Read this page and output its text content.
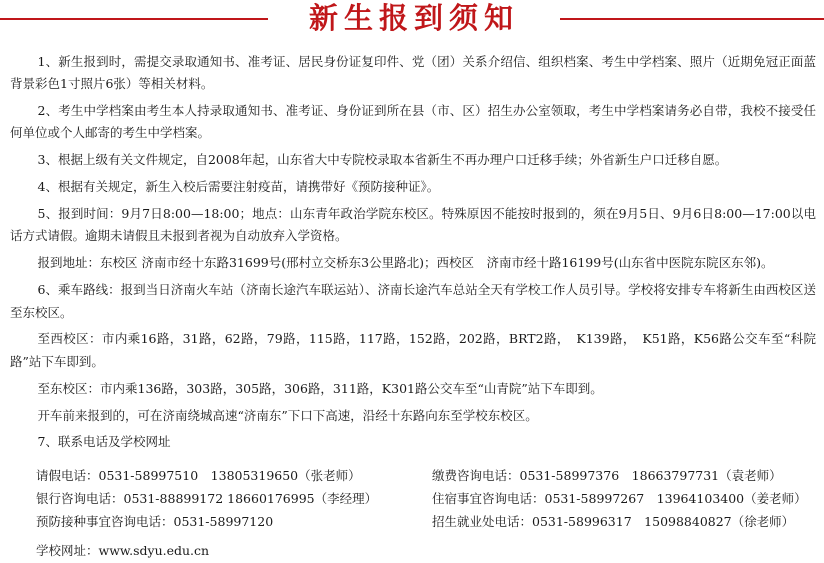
新生报到须知

1、新生报到时，需提交录取通知书、准考证、居民身份证复印件、党（团）关系介绍信、组织档案、考生中学档案、照片（近期免冠正面蓝背景彩色1寸照片6张）等相关材料。

2、考生中学档案由考生本人持录取通知书、准考证、身份证到所在县（市、区）招生办公室领取，考生中学档案请务必自带，我校不接受任何单位或个人邮寄的考生中学档案。

3、根据上级有关文件规定，自2008年起，山东省大中专院校录取本省新生不再办理户口迁移手续；外省新生户口迁移自愿。

4、根据有关规定，新生入校后需要注射疫苗，请携带好《预防接种证》。

5、报到时间：9月7日8:00—18:00；地点：山东青年政治学院东校区。特殊原因不能按时报到的，须在9月5日、9月6日8:00—17:00以电话方式请假。逾期未请假且未报到者视为自动放弃入学资格。

报到地址：东校区 济南市经十东路31699号(邢村立交桥东3公里路北)；西校区　济南市经十路16199号(山东省中医院东院区东邻)。

6、乘车路线：报到当日济南火车站（济南长途汽车联运站）、济南长途汽车总站全天有学校工作人员引导。学校将安排专车将新生由西校区送至东校区。

至西校区：市内乘16路，31路，62路，79路，115路，117路，152路，202路，BRT2路，　K139路，　K51路，K56路公交车至“科院路”站下车即到。

至东校区：市内乘136路，303路，305路，306路，311路，K301路公交车至“山青院”站下车即到。

开车前来报到的，可在济南绕城高速“济南东”下口下高速，沿经十东路向东至学校东校区。

7、联系电话及学校网址

请假电话：0531-58997510　13805319650（张老师）	缴费咨询电话：0531-58997376　18663797731（袁老师）
银行咨询电话：0531-88899172 18660176995（李经理）	住宿事宜咨询电话：0531-58997267　13964103400（姜老师）
预防接种事宜咨询电话：0531-58997120	招生就业处电话：0531-58996317　15098840827（徐老师）
学校网址：www.sdyu.edu.cn
